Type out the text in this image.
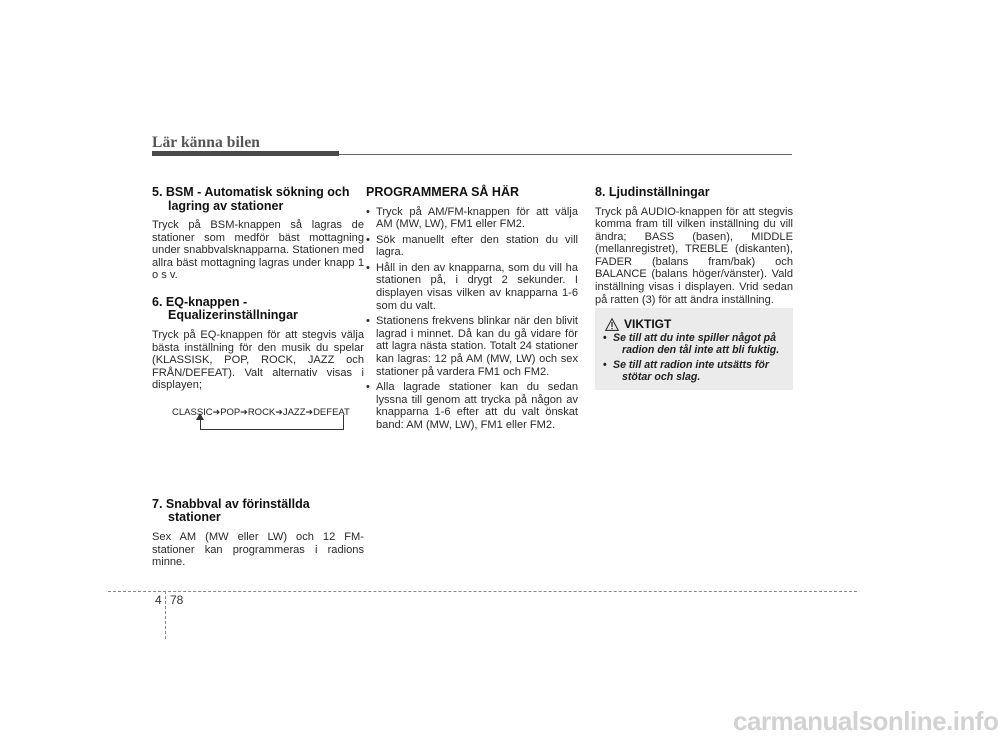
Lär känna bilen
5. BSM - Automatisk sökning och
lagring av stationer

Tryck på BSM-knappen så lagras de stationer som medför bäst mottagning under snabbvalsknapparna. Stationen med allra bäst mottagning lagras under knapp 1 o s v.

6. EQ-knappen -
Equalizerinställningar

Tryck på EQ-knappen för att stegvis välja bästa inställning för den musik du spelar (KLASSISK, POP, ROCK, JAZZ och FRÅN/DEFEAT). Valt alternativ visas i displayen;

CLASSIC➔POP➔ROCK➔JAZZ➔DEFEAT
7. Snabbval av förinställda
stationer

Sex AM (MW eller LW) och 12 FM-stationer kan programmeras i radions minne.

PROGRAMMERA SÅ HÄR
• Tryck på AM/FM-knappen för att välja AM (MW, LW), FM1 eller FM2.
• Sök manuellt efter den station du vill lagra.
• Håll in den av knapparna, som du vill ha stationen på, i drygt 2 sekunder. I displayen visas vilken av knapparna 1-6 som du valt.
• Stationens frekvens blinkar när den blivit lagrad i minnet. Då kan du gå vidare för att lagra nästa station. Totalt 24 stationer kan lagras: 12 på AM (MW, LW) och sex stationer på vardera FM1 och FM2.
• Alla lagrade stationer kan du sedan lyssna till genom att trycka på någon av knapparna 1-6 efter att du valt önskat band: AM (MW, LW), FM1 eller FM2.
8. Ljudinställningar

Tryck på AUDIO-knappen för att stegvis komma fram till vilken inställning du vill ändra; BASS (basen), MIDDLE (mellanregistret), TREBLE (diskanten), FADER (balans fram/bak) och BALANCE (balans höger/vänster). Vald inställning visas i displayen. Vrid sedan på ratten (3) för att ändra inställning.

VIKTIGT
• Se till att du inte spiller något på
radion den tål inte att bli fuktig.
• Se till att radion inte utsätts för
stötar och slag.
4 78
carmanualsonline.info
